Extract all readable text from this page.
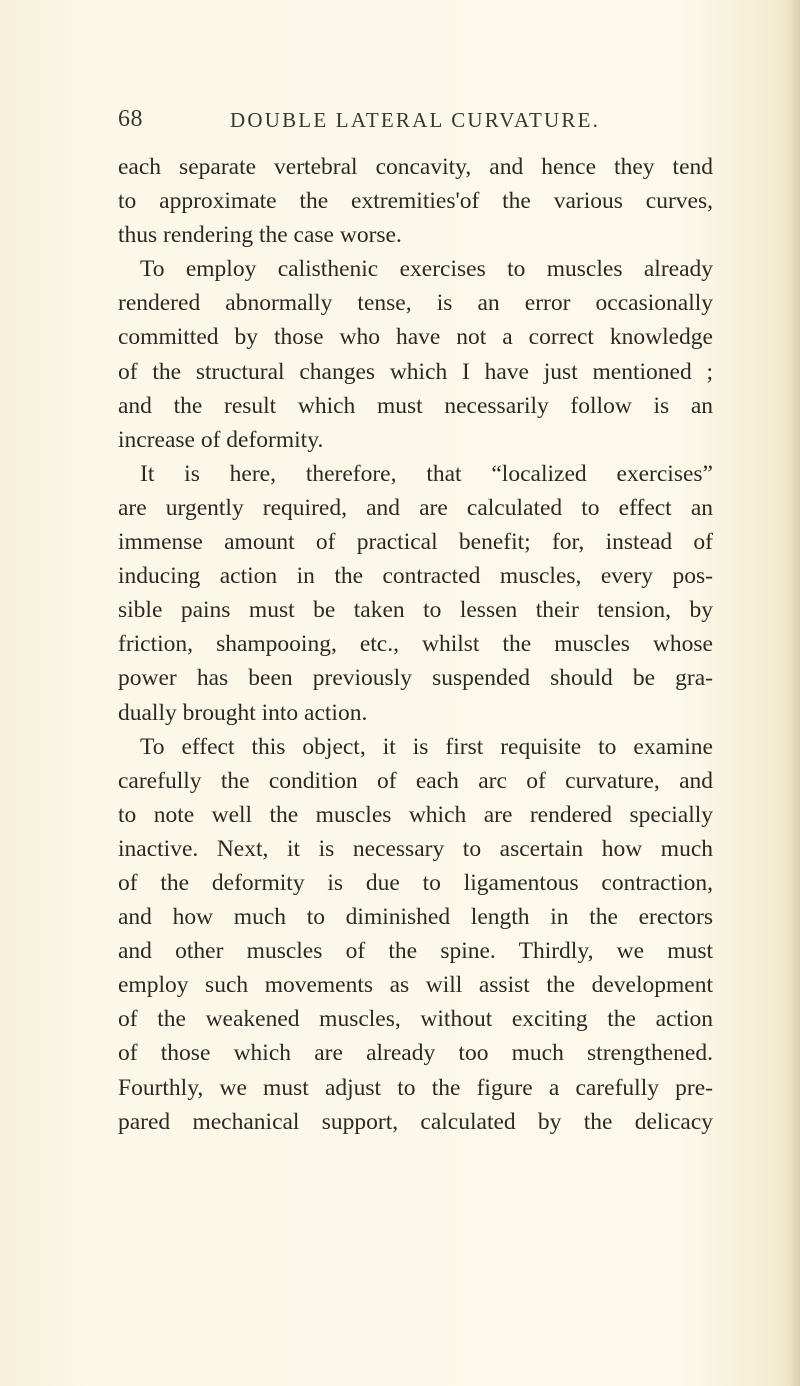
68	DOUBLE LATERAL CURVATURE.
each separate vertebral concavity, and hence they tend
to approximate the extremities'of the various curves,
thus rendering the case worse.
To employ calisthenic exercises to muscles already
rendered abnormally tense, is an error occasionally
committed by those who have not a correct knowledge
of the structural changes which I have just mentioned ;
and the result which must necessarily follow is an
increase of deformity.
It is here, therefore, that “localized exercises”
are urgently required, and are calculated to effect an
immense amount of practical benefit; for, instead of
inducing action in the contracted muscles, every pos-
sible pains must be taken to lessen their tension, by
friction, shampooing, etc., whilst the muscles whose
power has been previously suspended should be gra-
dually brought into action.
To effect this object, it is first requisite to examine
carefully the condition of each arc of curvature, and
to note well the muscles which are rendered specially
inactive. Next, it is necessary to ascertain how much
of the deformity is due to ligamentous contraction,
and how much to diminished length in the erectors
and other muscles of the spine. Thirdly, we must
employ such movements as will assist the development
of the weakened muscles, without exciting the action
of those which are already too much strengthened.
Fourthly, we must adjust to the figure a carefully pre-
pared mechanical support, calculated by the delicacy
